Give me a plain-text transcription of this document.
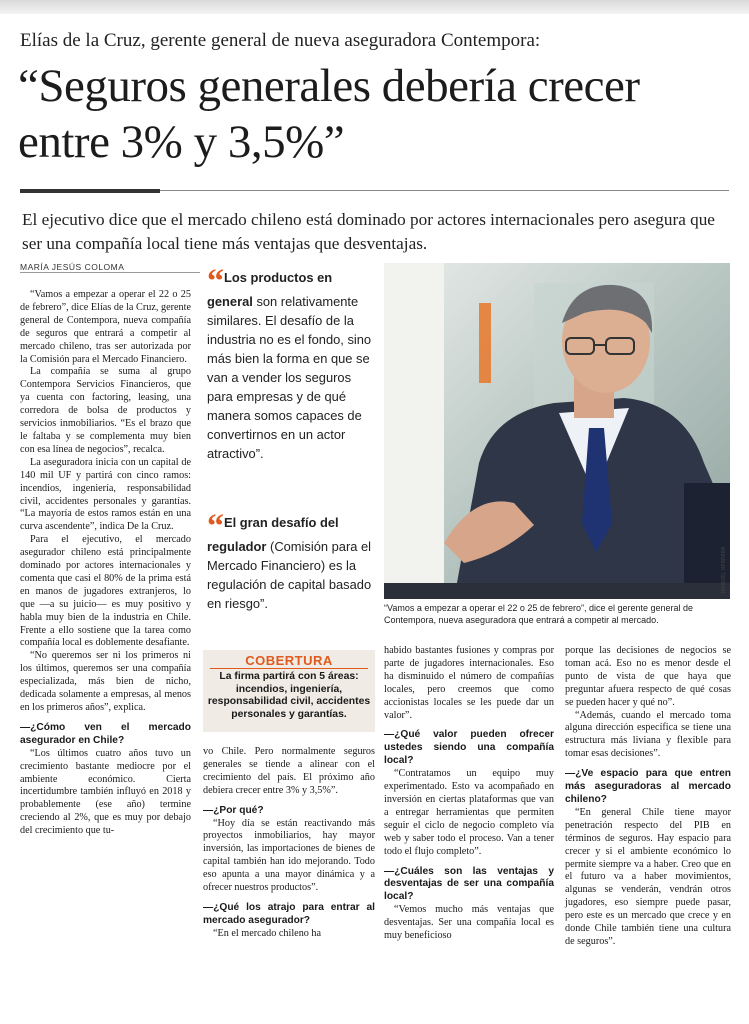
Elías de la Cruz, gerente general de nueva aseguradora Contempora:
“Seguros generales debería crecer entre 3% y 3,5%”
El ejecutivo dice que el mercado chileno está dominado por actores internacionales pero asegura que ser una compañía local tiene más ventajas que desventajas.
MARÍA JESÚS COLOMA

“Vamos a empezar a operar el 22 o 25 de febrero”, dice Elías de la Cruz, gerente general de Contempora, nueva compañía de seguros que entrará a competir al mercado chileno, tras ser autorizada por la Comisión para el Mercado Financiero.

La compañía se suma al grupo Contempora Servicios Financieros, que ya cuenta con factoring, leasing, una corredora de bolsa de productos y servicios inmobiliarios. “Es el brazo que le faltaba y se complementa muy bien con esa línea de negocios”, recalca.

La aseguradora inicia con un capital de 140 mil UF y partirá con cinco ramos: incendios, ingeniería, responsabilidad civil, accidentes personales y garantías. “La mayoría de estos ramos están en una curva ascendente”, indica De la Cruz.

Para el ejecutivo, el mercado asegurador chileno está principalmente dominado por actores internacionales y comenta que casi el 80% de la prima está en manos de jugadores extranjeros, lo que —a su juicio— es muy positivo y habla muy bien de la industria en Chile. Frente a ello sostiene que la tarea como compañía local es doblemente desafiante.

“No queremos ser ni los primeros ni los últimos, queremos ser una compañía especializada, más bien de nicho, dedicada solamente a empresas, al menos en los primeros años”, explica.

— ¿Cómo ven el mercado asegurador en Chile?

“Los últimos cuatro años tuvo un crecimiento bastante mediocre por el ambiente económico. Cierta incertidumbre también influyó en 2018 y probablemente (ese año) termine creciendo al 2%, que es muy por debajo del crecimiento que tu-

“ Los productos en general son relativamente similares. El desafío de la industria no es el fondo, sino más bien la forma en que se van a vender los seguros para empresas y de qué manera somos capaces de convertirnos en un actor atractivo”.
“ El gran desafío del regulador (Comisión para el Mercado Financiero) es la regulación de capital basado en riesgo”.
MANUEL HERRERA
“Vamos a empezar a operar el 22 o 25 de febrero”, dice el gerente general de Contempora, nueva aseguradora que entrará a competir al mercado.
COBERTURA
La firma partirá con 5 áreas: incendios, ingeniería, responsabilidad civil, accidentes personales y garantías.

vo Chile. Pero normalmente seguros generales se tiende a alinear con el crecimiento del país. El próximo año debiera crecer entre 3% y 3,5%”.

— ¿Por qué?

“Hoy día se están reactivando más proyectos inmobiliarios, hay mayor inversión, las importaciones de bienes de capital también han ido mejorando. Todo eso apunta a una mayor dinámica y a ofrecer nuestros productos”.

— ¿Qué los atrajo para entrar al mercado asegurador?

“En el mercado chileno ha

habido bastantes fusiones y compras por parte de jugadores internacionales. Eso ha disminuido el número de compañías locales, pero creemos que como accionistas locales se les puede dar un valor”.

— ¿Qué valor pueden ofrecer ustedes siendo una compañía local?

“Contratamos un equipo muy experimentado. Esto va acompañado en inversión en ciertas plataformas que van a entregar herramientas que permiten seguir el ciclo de negocio completo vía web y saber todo el proceso. Van a tener todo el flujo completo”.

— ¿Cuáles son las ventajas y desventajas de ser una compañía local?

“Vemos mucho más ventajas que desventajas. Ser una compañía local es muy beneficioso

porque las decisiones de negocios se toman acá. Eso no es menor desde el punto de vista de que haya que preguntar afuera respecto de qué cosas se pueden hacer y qué no”.

“Además, cuando el mercado toma alguna dirección específica se tiene una estructura más liviana y flexible para tomar esas decisiones”.

— ¿Ve espacio para que entren más aseguradoras al mercado chileno?

“En general Chile tiene mayor penetración respecto del PIB en términos de seguros. Hay espacio para crecer y si el ambiente económico lo permite siempre va a haber. Creo que en el futuro va a haber movimientos, algunas se venderán, vendrán otros jugadores, eso siempre puede pasar, pero este es un mercado que crece y en donde Chile también tiene una cultura de seguros”.
